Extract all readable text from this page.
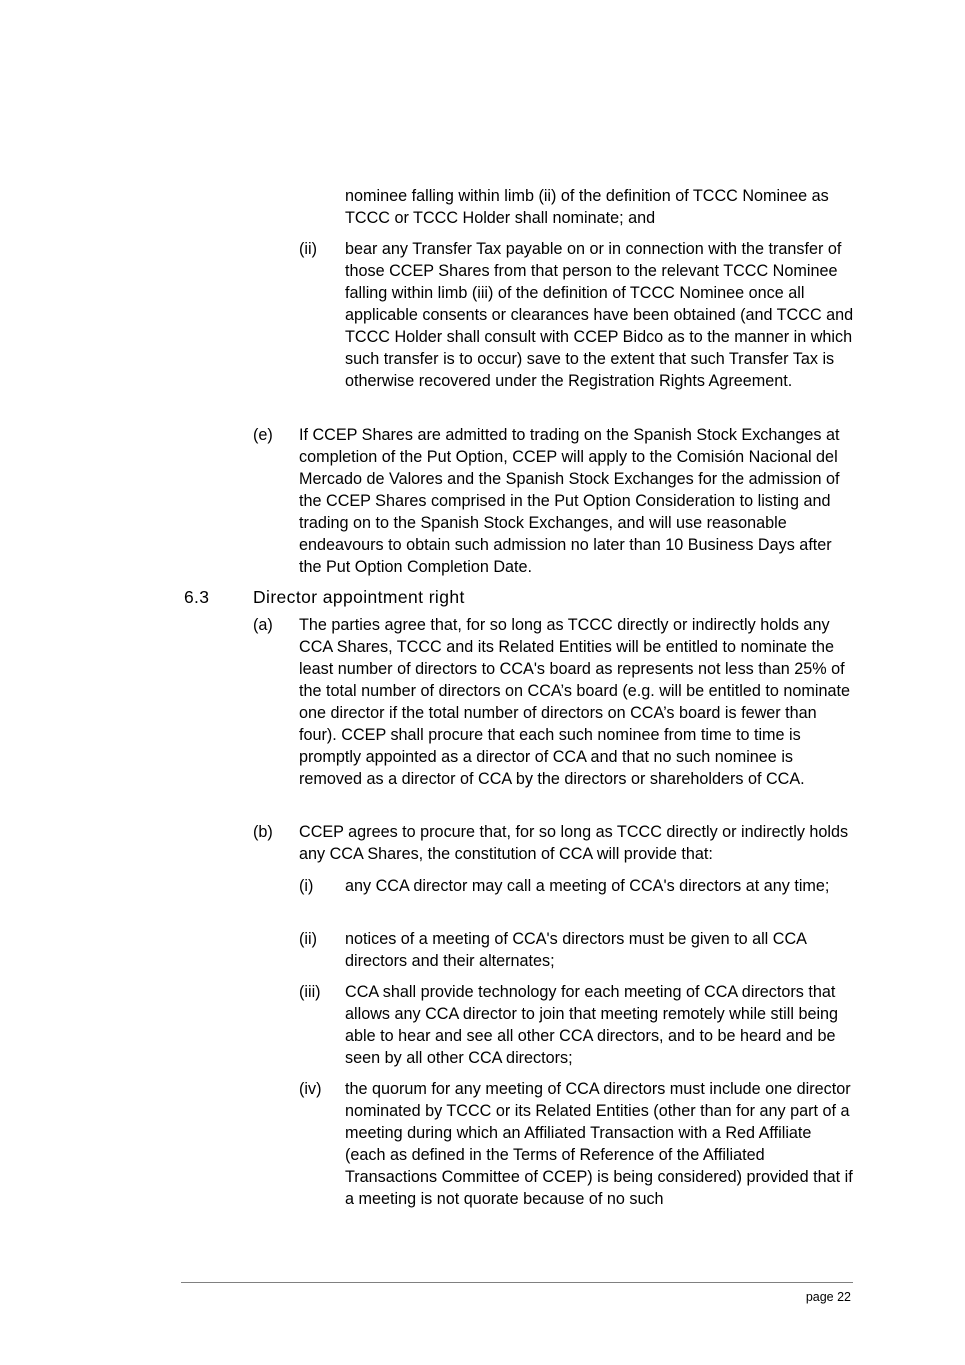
nominee falling within limb (ii) of the definition of TCCC Nominee as TCCC or TCCC Holder shall nominate; and

(ii) bear any Transfer Tax payable on or in connection with the transfer of those CCEP Shares from that person to the relevant TCCC Nominee falling within limb (iii) of the definition of TCCC Nominee once all applicable consents or clearances have been obtained (and TCCC and TCCC Holder shall consult with CCEP Bidco as to the manner in which such transfer is to occur) save to the extent that such Transfer Tax is otherwise recovered under the Registration Rights Agreement.

(e) If CCEP Shares are admitted to trading on the Spanish Stock Exchanges at completion of the Put Option, CCEP will apply to the Comisión Nacional del Mercado de Valores and the Spanish Stock Exchanges for the admission of the CCEP Shares comprised in the Put Option Consideration to listing and trading on to the Spanish Stock Exchanges, and will use reasonable endeavours to obtain such admission no later than 10 Business Days after the Put Option Completion Date.

6.3	Director appointment right
(a) The parties agree that, for so long as TCCC directly or indirectly holds any CCA Shares, TCCC and its Related Entities will be entitled to nominate the least number of directors to CCA's board as represents not less than 25% of the total number of directors on CCA’s board (e.g. will be entitled to nominate one director if the total number of directors on CCA’s board is fewer than four). CCEP shall procure that each such nominee from time to time is promptly appointed as a director of CCA and that no such nominee is removed as a director of CCA by the directors or shareholders of CCA.

(b) CCEP agrees to procure that, for so long as TCCC directly or indirectly holds any CCA Shares, the constitution of CCA will provide that:

(i) any CCA director may call a meeting of CCA's directors at any time;

(ii) notices of a meeting of CCA's directors must be given to all CCA directors and their alternates;

(iii) CCA shall provide technology for each meeting of CCA directors that allows any CCA director to join that meeting remotely while still being able to hear and see all other CCA directors, and to be heard and be seen by all other CCA directors;

(iv) the quorum for any meeting of CCA directors must include one director nominated by TCCC or its Related Entities (other than for any part of a meeting during which an Affiliated Transaction with a Red Affiliate (each as defined in the Terms of Reference of the Affiliated Transactions Committee of CCEP) is being considered) provided that if a meeting is not quorate because of no such

page 22
